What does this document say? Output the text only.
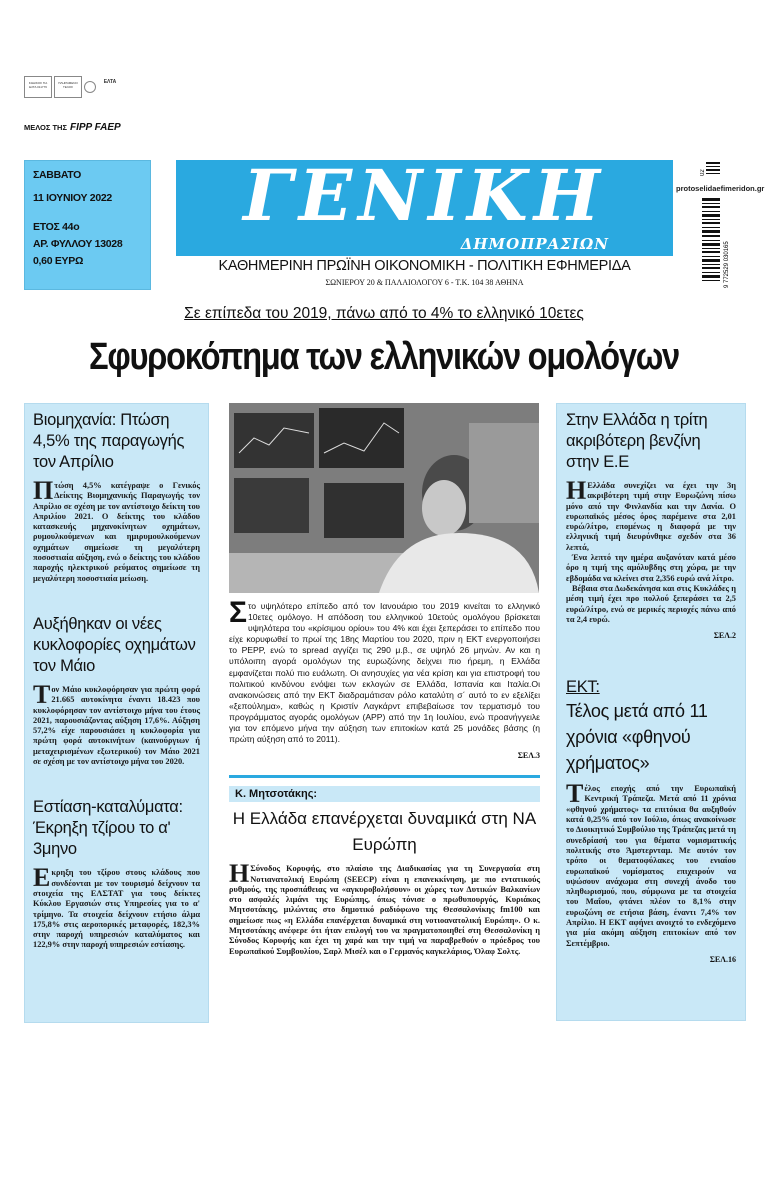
ΚΩΔΙΚΟΣ ΓΙΑ ΕΛΤΑ 011776
ΠΛΗΡΩΜΕΝΟ ΤΕΛΟΣ
ΕΛΤΑ
ΜΕΛΟΣ ΤΗΣ FIPP FAEP
ΣΑΒΒΑΤΟ
11 ΙΟΥΝΙΟΥ 2022
ΕΤΟΣ 44ο
ΑΡ. ΦΥΛΛΟΥ 13028
0,60 ΕΥΡΩ
ΓΕΝΙΚΗ
ΔΗΜΟΠΡΑΣΙΩΝ
ΚΑΘΗΜΕΡΙΝΗ ΠΡΩΪΝΗ ΟΙΚΟΝΟΜΙΚΗ - ΠΟΛΙΤΙΚΗ ΕΦΗΜΕΡΙΔΑ
ΣΩΝΙΕΡΟΥ 20 & ΠΑΛΑΙΟΛΟΓΟΥ 6 - Τ.Κ. 104 38 ΑΘΗΝΑ
protoselidaefimeridon.gr
9 772529 030165
02
Σε επίπεδα του 2019, πάνω από το 4% το ελληνικό 10ετες
Σφυροκόπημα των ελληνικών ομολόγων
Βιομηχανία: Πτώση 4,5% της παραγωγής τον Απρίλιο
Πτώση 4,5% κατέγραψε ο Γενικός Δείκτης Βιομηχανικής Παραγωγής τον Απρίλιο σε σχέση με τον αντίστοιχο δείκτη του Απριλίου 2021. Ο δείκτης του κλάδου κατασκευής μηχανοκίνητων οχημάτων, ρυμουλκούμενων και ημιρυμουλκούμενων οχημάτων σημείωσε τη μεγαλύτερη ποσοστιαία αύξηση, ενώ ο δείκτης του κλάδου παροχής ηλεκτρικού ρεύματος σημείωσε τη μεγαλύτερη ποσοστιαία μείωση.
Αυξήθηκαν οι νέες κυκλοφορίες οχημάτων τον Μάιο
Τον Μάιο κυκλοφόρησαν για πρώτη φορά 21.665 αυτοκίνητα έναντι 18.423 που κυκλοφόρησαν τον αντίστοιχο μήνα του έτους 2021, παρουσιάζοντας αύξηση 17,6%. Αύξηση 57,2% είχε παρουσιάσει η κυκλοφορία για πρώτη φορά αυτοκινήτων (καινούργιων ή μεταχειρισμένων εξωτερικού) τον Μάιο 2021 σε σχέση με τον αντίστοιχο μήνα του 2020.
Εστίαση-καταλύματα: Έκρηξη τζίρου το α' 3μηνο
Εκρηξη του τζίρου στους κλάδους που συνδέονται με τον τουρισμό δείχνουν τα στοιχεία της ΕΛΣΤΑΤ για τους δείκτες Κύκλου Εργασιών στις Υπηρεσίες για το α' τρίμηνο. Τα στοιχεία δείχνουν ετήσιο άλμα 175,8% στις αεροπορικές μεταφορές, 182,3% στην παροχή υπηρεσιών καταλύματος και 122,9% στην παροχή υπηρεσιών εστίασης.
Στο υψηλότερο επίπεδο από τον Ιανουάριο του 2019 κινείται το ελληνικό 10ετες ομόλογο. Η απόδοση του ελληνικού 10ετούς ομολόγου βρίσκεται υψηλότερα του «κρίσιμου ορίου» του 4% και έχει ξεπεράσει το επίπεδο που είχε κορυφωθεί το πρωί της 18ης Μαρτίου του 2020, πριν η ΕΚΤ ενεργοποιήσει το PEPP, ενώ το spread αγγίζει τις 290 μ.β., σε υψηλό 26 μηνών. Αν και η υπόλοιπη αγορά ομολόγων της ευρωζώνης δείχνει πιο ήρεμη, η Ελλάδα εμφανίζεται πολύ πιο ευάλωτη. Οι ανησυχίες για νέα κρίση και για επιστροφή του πολιτικού κινδύνου ενόψει των εκλογών σε Ελλάδα, Ισπανία και Ιταλία.Οι ανακοινώσεις από την ΕΚΤ διαδραμάτισαν ρόλο καταλύτη σ΄ αυτό το εν εξελίξει «ξεπούλημα», καθώς η Κριστίν Λαγκάρντ επιβεβαίωσε τον τερματισμό του προγράμματος αγοράς ομολόγων (APP) από την 1η Ιουλίου, ενώ προανήγγειλε για τον επόμενο μήνα την αύξηση των επιτοκίων κατά 25 μονάδες βάσης (η πρώτη αύξηση από το 2011).
ΣΕΛ.3
Κ. Μητσοτάκης:
Η Ελλάδα επανέρχεται δυναμικά στη ΝΑ Ευρώπη
Η Σύνοδος Κορυφής, στο πλαίσιο της Διαδικασίας για τη Συνεργασία στη Νοτιανατολική Ευρώπη (SEECP) είναι η επανεκκίνηση, με πιο εντατικούς ρυθμούς, της προσπάθειας να «αγκυροβολήσουν» οι χώρες των Δυτικών Βαλκανίων στο ασφαλές λιμάνι της Ευρώπης, όπως τόνισε ο πρωθυπουργός, Κυριάκος Μητσοτάκης, μιλώντας στο δημοτικό ραδιόφωνο της Θεσσαλονίκης fm100 και σημείωσε πως «η Ελλάδα επανέρχεται δυναμικά στη νοτιοανατολική Ευρώπη». Ο κ. Μητσοτάκης ανέφερε ότι ήταν επιλογή του να πραγματοποιηθεί στη Θεσσαλονίκη η Σύνοδος Κορυφής και έχει τη χαρά και την τιμή να παραβρεθούν ο πρόεδρος του Ευρωπαϊκού Συμβουλίου, Σαρλ Μισέλ και ο Γερμανός καγκελάριος, Όλαφ Σολτς.
Στην Ελλάδα η τρίτη ακριβότερη βενζίνη στην Ε.Ε

Η Ελλάδα συνεχίζει να έχει την 3η ακριβότερη τιμή στην Ευρωζώνη πίσω μόνο από την Φινλανδία και την Δανία. Ο ευρωπαϊκός μέσος όρος παρέμεινε στα 2,01 ευρώ/λίτρο, επομένως η διαφορά με την ελληνική τιμή διευρύνθηκε σχεδόν στα 36 λεπτά,

Ένα λεπτό την ημέρα αυξανόταν κατά μέσο όρο η τιμή της αμόλυβδης στη χώρα, με την εβδομάδα να κλείνει στα 2,356 ευρώ ανά λίτρο.

Βέβαια στα Δωδεκάνησα και στις Κυκλάδες η μέση τιμή έχει προ πολλού ξεπεράσει τα 2,5 ευρώ/λίτρο, ενώ σε μερικές περιοχές πάνω από τα 2,4 ευρώ.

ΣΕΛ.2
ΕΚΤ:
Τέλος μετά από 11 χρόνια «φθηνού χρήματος»

Τέλος εποχής από την Ευρωπαϊκή Κεντρική Τράπεζα. Μετά από 11 χρόνια «φθηνού χρήματος» τα επιτόκια θα αυξηθούν κατά 0,25% από τον Ιούλιο, όπως ανακοίνωσε το Διοικητικό Συμβούλιο της Τράπεζας μετά τη συνεδρίασή του για θέματα νομισματικής πολιτικής στο Άμστερνταμ. Με αυτόν τον τρόπο οι θεματοφύλακες του ενιαίου ευρωπαϊκού νομίσματος επιχειρούν να υψώσουν ανάχωμα στη συνεχή άνοδο του πληθωρισμού, που, σύμφωνα με τα στοιχεία του Μαΐου, φτάνει πλέον το 8,1% στην ευρωζώνη σε ετήσια βάση, έναντι 7,4% τον Απρίλιο. Η ΕΚΤ αφήνει ανοιχτό το ενδεχόμενο για μία ακόμη αύξηση επιτοκίων από τον Σεπτέμβριο.

ΣΕΛ.16
